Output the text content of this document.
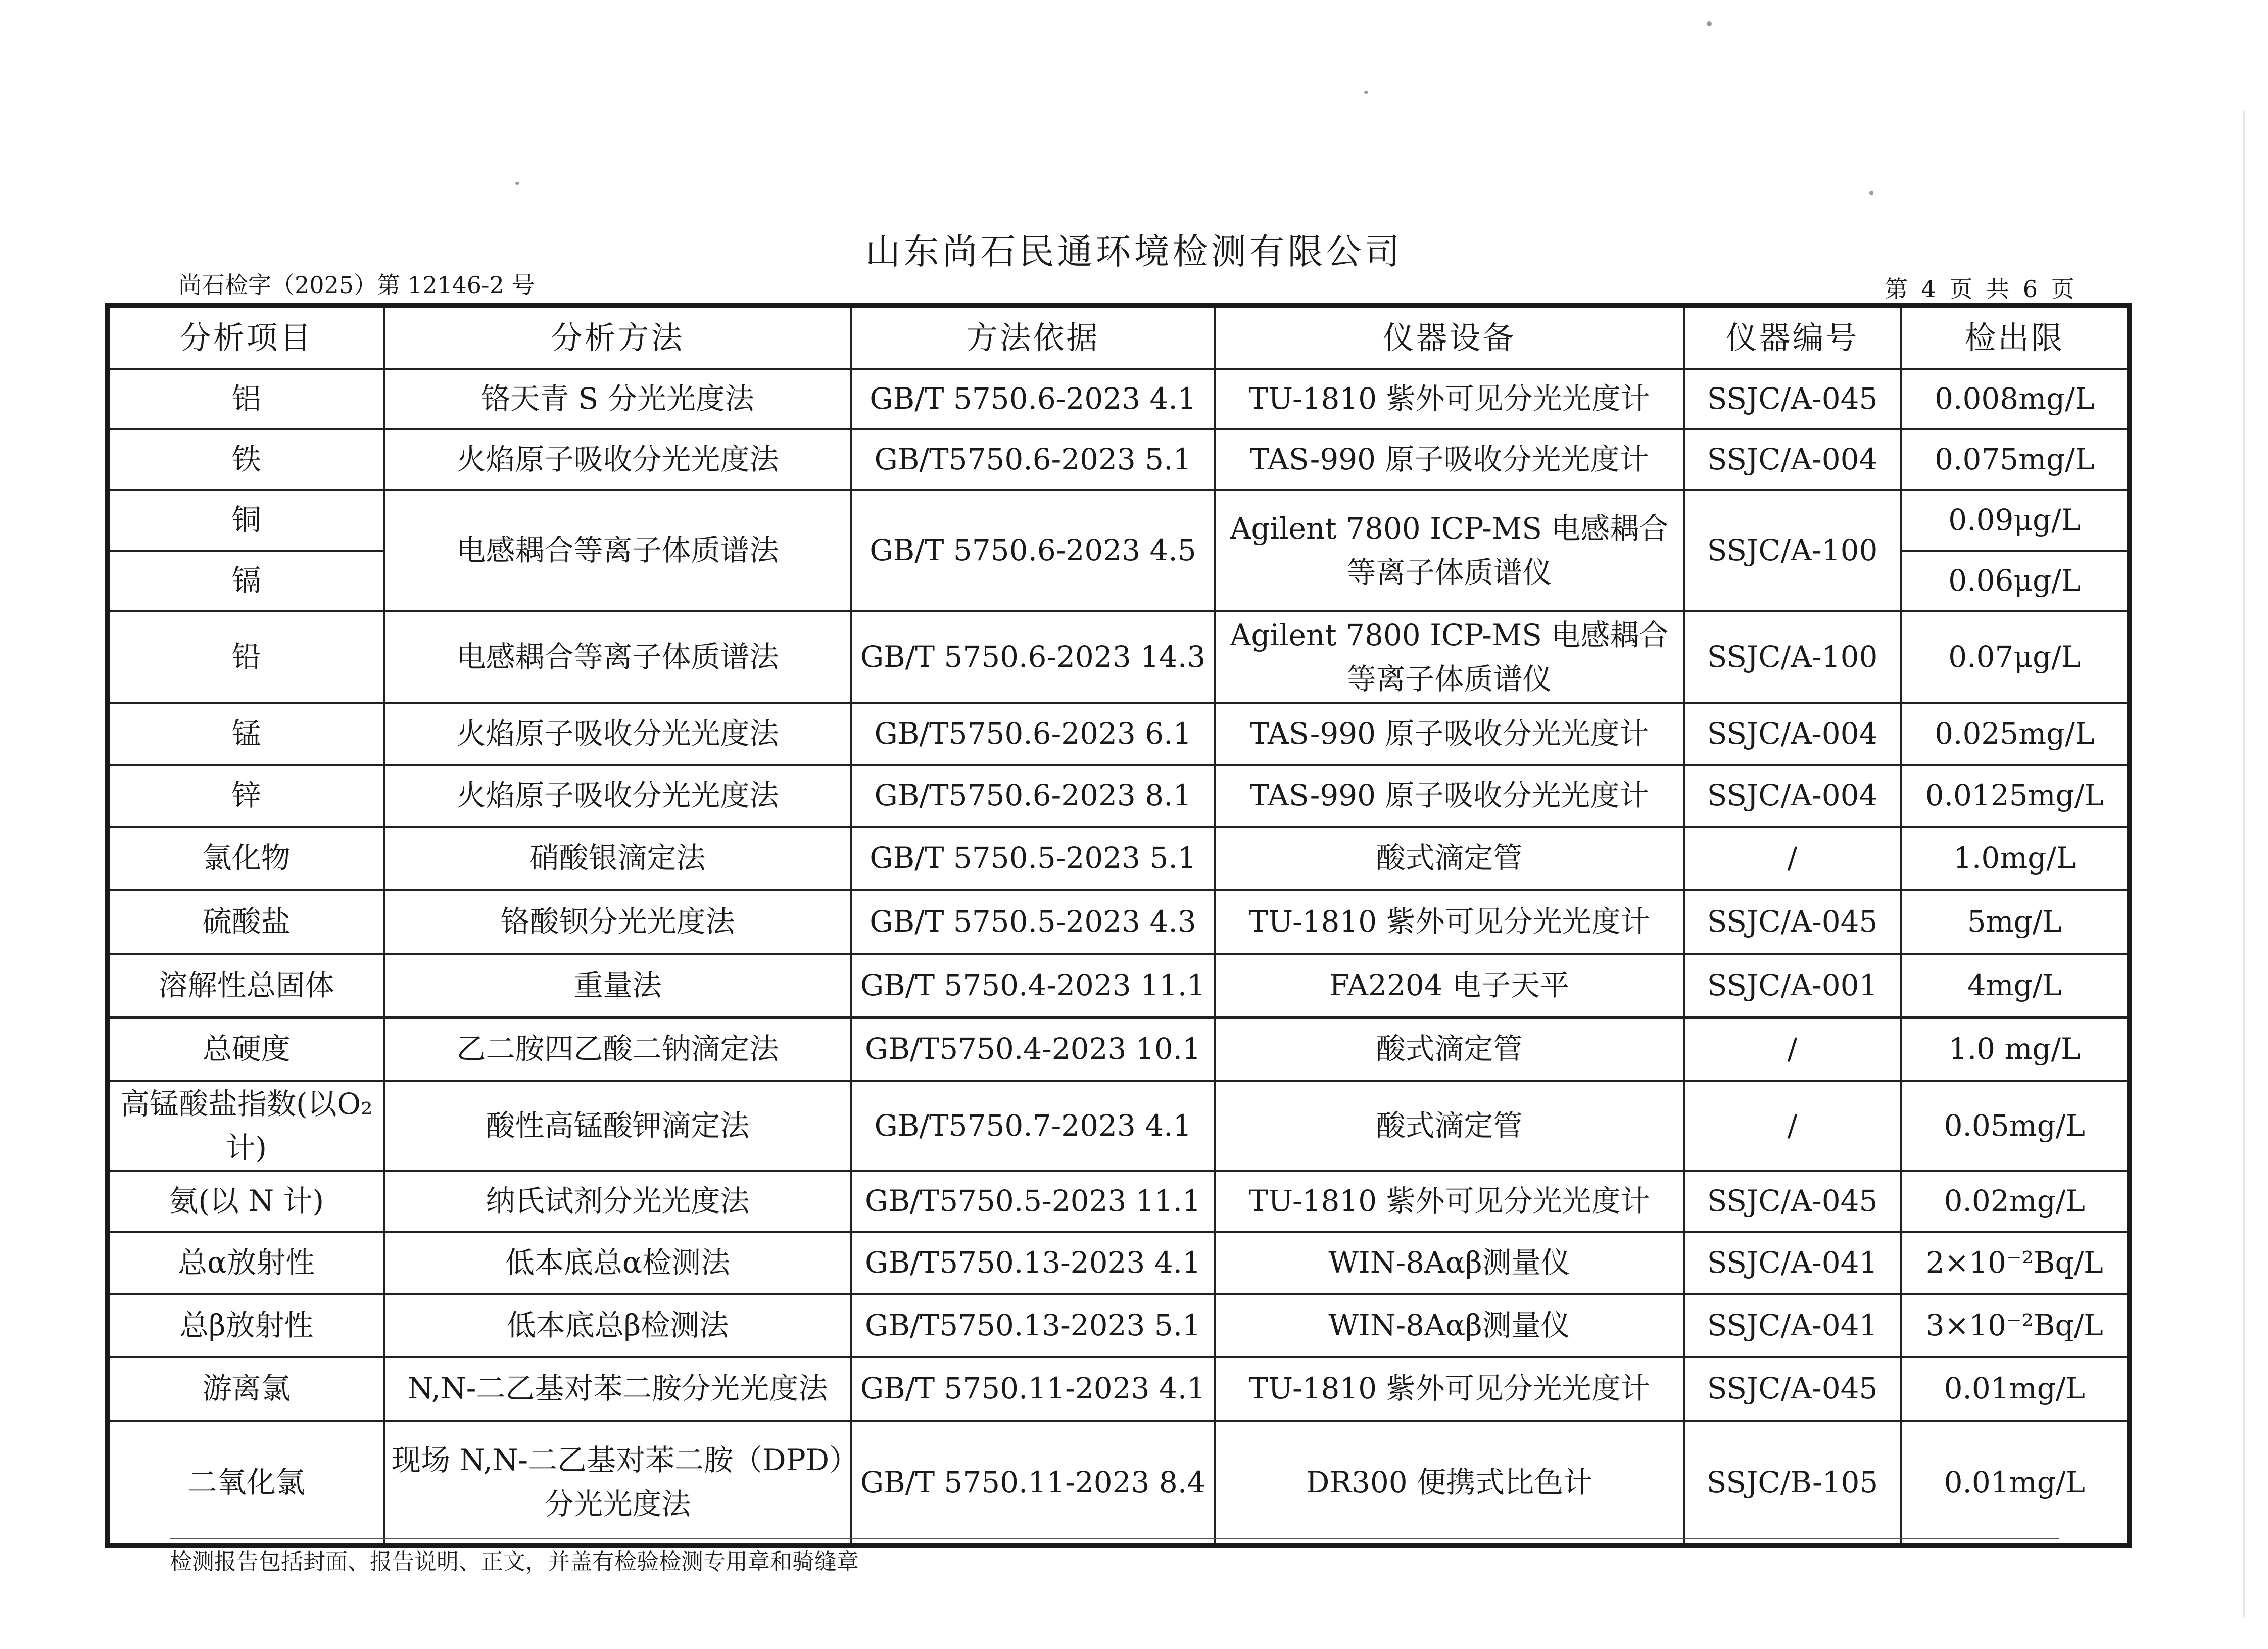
山东尚石民通环境检测有限公司
尚石检字（2025）第 12146-2 号	第 4 页 共 6 页
分析项目	分析方法	方法依据	仪器设备	仪器编号	检出限
铝	铬天青 S 分光光度法	GB/T 5750.6-2023 4.1	TU-1810 紫外可见分光光度计	SSJC/A-045	0.008mg/L
铁	火焰原子吸收分光光度法	GB/T5750.6-2023 5.1	TAS-990 原子吸收分光光度计	SSJC/A-004	0.075mg/L
铜	电感耦合等离子体质谱法	GB/T 5750.6-2023 4.5	Agilent 7800 ICP-MS 电感耦合等离子体质谱仪	SSJC/A-100	0.09μg/L
镉					0.06μg/L
铅	电感耦合等离子体质谱法	GB/T 5750.6-2023 14.3	Agilent 7800 ICP-MS 电感耦合等离子体质谱仪	SSJC/A-100	0.07μg/L
锰	火焰原子吸收分光光度法	GB/T5750.6-2023 6.1	TAS-990 原子吸收分光光度计	SSJC/A-004	0.025mg/L
锌	火焰原子吸收分光光度法	GB/T5750.6-2023 8.1	TAS-990 原子吸收分光光度计	SSJC/A-004	0.0125mg/L
氯化物	硝酸银滴定法	GB/T 5750.5-2023 5.1	酸式滴定管	/	1.0mg/L
硫酸盐	铬酸钡分光光度法	GB/T 5750.5-2023 4.3	TU-1810 紫外可见分光光度计	SSJC/A-045	5mg/L
溶解性总固体	重量法	GB/T 5750.4-2023 11.1	FA2204 电子天平	SSJC/A-001	4mg/L
总硬度	乙二胺四乙酸二钠滴定法	GB/T5750.4-2023 10.1	酸式滴定管	/	1.0 mg/L
高锰酸盐指数(以O₂计)	酸性高锰酸钾滴定法	GB/T5750.7-2023 4.1	酸式滴定管	/	0.05mg/L
氨(以 N 计)	纳氏试剂分光光度法	GB/T5750.5-2023 11.1	TU-1810 紫外可见分光光度计	SSJC/A-045	0.02mg/L
总α放射性	低本底总α检测法	GB/T5750.13-2023 4.1	WIN-8Aαβ测量仪	SSJC/A-041	2×10⁻²Bq/L
总β放射性	低本底总β检测法	GB/T5750.13-2023 5.1	WIN-8Aαβ测量仪	SSJC/A-041	3×10⁻²Bq/L
游离氯	N,N-二乙基对苯二胺分光光度法	GB/T 5750.11-2023 4.1	TU-1810 紫外可见分光光度计	SSJC/A-045	0.01mg/L
二氧化氯	现场 N,N-二乙基对苯二胺（DPD）分光光度法	GB/T 5750.11-2023 8.4	DR300 便携式比色计	SSJC/B-105	0.01mg/L
检测报告包括封面、报告说明、正文，并盖有检验检测专用章和骑缝章
